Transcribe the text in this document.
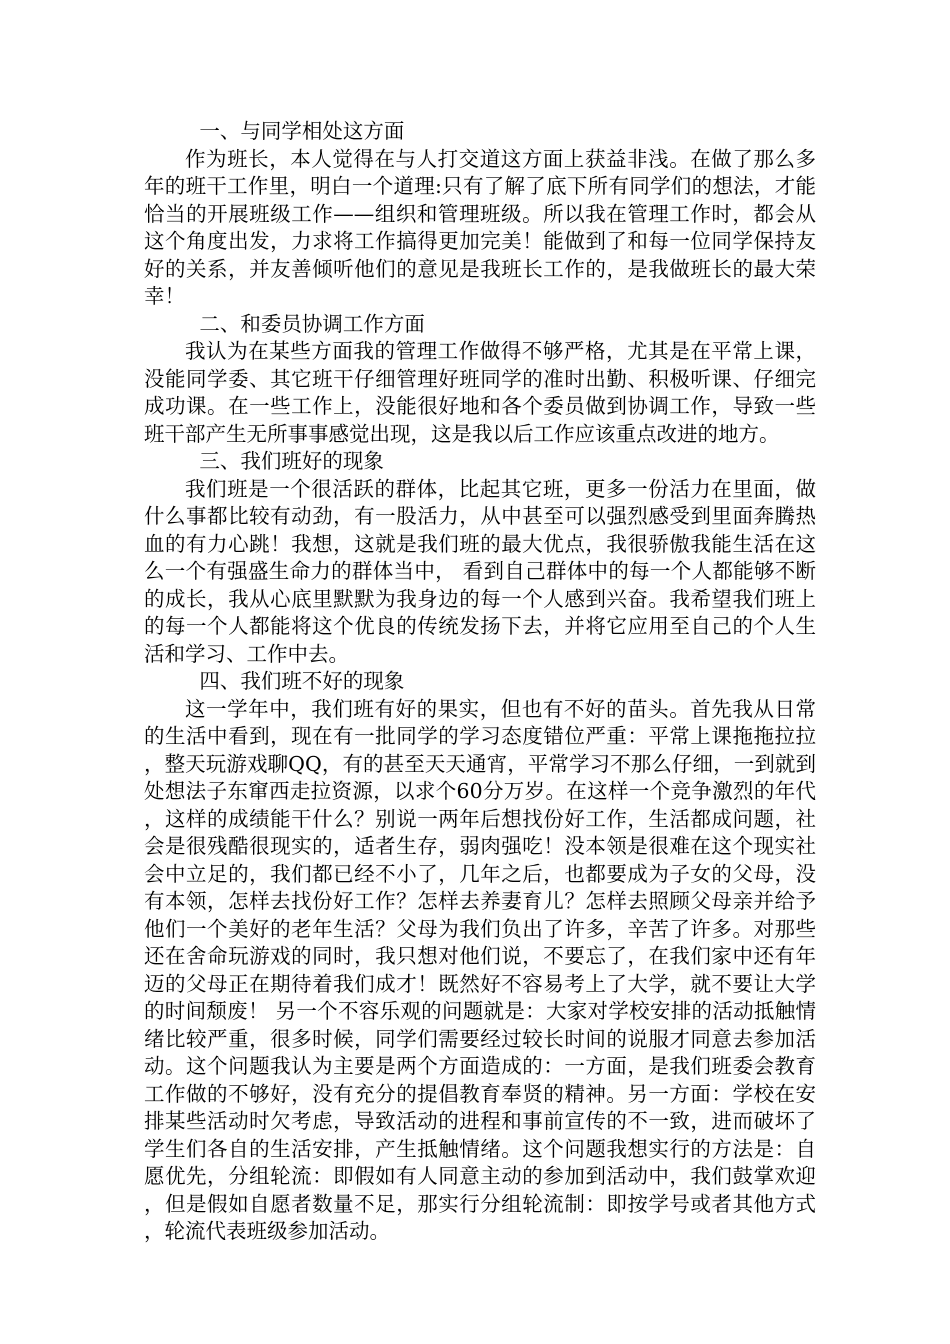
一、与同学相处这方面

作为班长，本人觉得在与人打交道这方面上获益非浅。在做了那么多年的班干工作里，明白一个道理:只有了解了底下所有同学们的想法，才能恰当的开展班级工作——组织和管理班级。所以我在管理工作时，都会从这个角度出发，力求将工作搞得更加完美！能做到了和每一位同学保持友好的关系，并友善倾听他们的意见是我班长工作的，是我做班长的最大荣幸！

二、和委员协调工作方面

我认为在某些方面我的管理工作做得不够严格，尤其是在平常上课，没能同学委、其它班干仔细管理好班同学的准时出勤、积极听课、仔细完成功课。在一些工作上，没能很好地和各个委员做到协调工作，导致一些班干部产生无所事事感觉出现，这是我以后工作应该重点改进的地方。

三、我们班好的现象

我们班是一个很活跃的群体，比起其它班，更多一份活力在里面，做什么事都比较有动劲，有一股活力，从中甚至可以强烈感受到里面奔腾热血的有力心跳！我想，这就是我们班的最大优点，我很骄傲我能生活在这么一个有强盛生命力的群体当中， 看到自己群体中的每一个人都能够不断的成长，我从心底里默默为我身边的每一个人感到兴奋。我希望我们班上的每一个人都能将这个优良的传统发扬下去，并将它应用至自己的个人生活和学习、工作中去。

四、我们班不好的现象

这一学年中，我们班有好的果实，但也有不好的苗头。首先我从日常的生活中看到，现在有一批同学的学习态度错位严重：平常上课拖拖拉拉，整天玩游戏聊QQ，有的甚至天天通宵，平常学习不那么仔细，一到就到处想法子东窜西走拉资源，以求个60分万岁。在这样一个竞争激烈的年代，这样的成绩能干什么？别说一两年后想找份好工作，生活都成问题，社会是很残酷很现实的，适者生存，弱肉强吃！没本领是很难在这个现实社会中立足的，我们都已经不小了，几年之后，也都要成为子女的父母，没有本领，怎样去找份好工作？怎样去养妻育儿？怎样去照顾父母亲并给予他们一个美好的老年生活？父母为我们负出了许多，辛苦了许多。对那些还在舍命玩游戏的同时，我只想对他们说，不要忘了，在我们家中还有年迈的父母正在期待着我们成才！既然好不容易考上了大学，就不要让大学的时间颓废！ 另一个不容乐观的问题就是：大家对学校安排的活动抵触情绪比较严重，很多时候，同学们需要经过较长时间的说服才同意去参加活动。这个问题我认为主要是两个方面造成的：一方面，是我们班委会教育工作做的不够好，没有充分的提倡教育奉贤的精神。另一方面：学校在安排某些活动时欠考虑，导致活动的进程和事前宣传的不一致，进而破坏了学生们各自的生活安排，产生抵触情绪。这个问题我想实行的方法是：自愿优先，分组轮流：即假如有人同意主动的参加到活动中，我们鼓掌欢迎，但是假如自愿者数量不足，那实行分组轮流制：即按学号或者其他方式，轮流代表班级参加活动。
